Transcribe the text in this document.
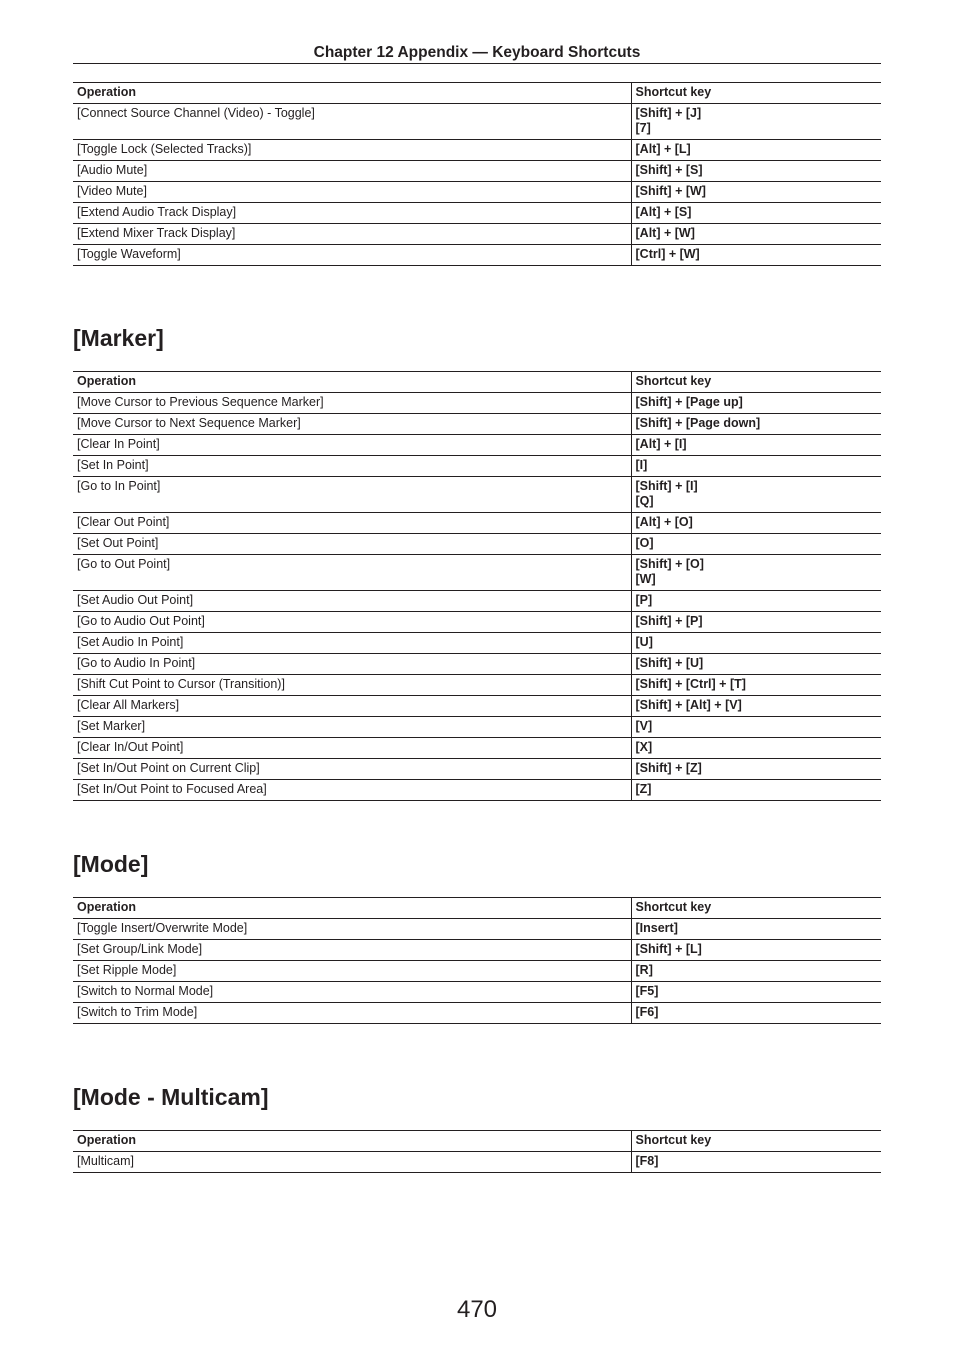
Chapter 12 Appendix — Keyboard Shortcuts
Operation	Shortcut key
[Connect Source Channel (Video) - Toggle]	[Shift] + [J]
[7]

[Toggle Lock (Selected Tracks)]	[Alt] + [L]

[Audio Mute]	[Shift] + [S]

[Video Mute]	[Shift] + [W]

[Extend Audio Track Display]	[Alt] + [S]

[Extend Mixer Track Display]	[Alt] + [W]

[Toggle Waveform]	[Ctrl] + [W]
[Marker]
Operation	Shortcut key
[Move Cursor to Previous Sequence Marker]	[Shift] + [Page up]

[Move Cursor to Next Sequence Marker]	[Shift] + [Page down]

[Clear In Point]	[Alt] + [I]

[Set In Point]	[I]

[Go to In Point]	[Shift] + [I]
[Q]

[Clear Out Point]	[Alt] + [O]

[Set Out Point]	[O]

[Go to Out Point]	[Shift] + [O]
[W]

[Set Audio Out Point]	[P]

[Go to Audio Out Point]	[Shift] + [P]

[Set Audio In Point]	[U]

[Go to Audio In Point]	[Shift] + [U]

[Shift Cut Point to Cursor (Transition)]	[Shift] + [Ctrl] + [T]

[Clear All Markers]	[Shift] + [Alt] + [V]

[Set Marker]	[V]

[Clear In/Out Point]	[X]

[Set In/Out Point on Current Clip]	[Shift] + [Z]

[Set In/Out Point to Focused Area]	[Z]
[Mode]
Operation	Shortcut key
[Toggle Insert/Overwrite Mode]	[Insert]

[Set Group/Link Mode]	[Shift] + [L]

[Set Ripple Mode]	[R]

[Switch to Normal Mode]	[F5]

[Switch to Trim Mode]	[F6]
[Mode - Multicam]
Operation	Shortcut key
[Multicam]	[F8]
470
